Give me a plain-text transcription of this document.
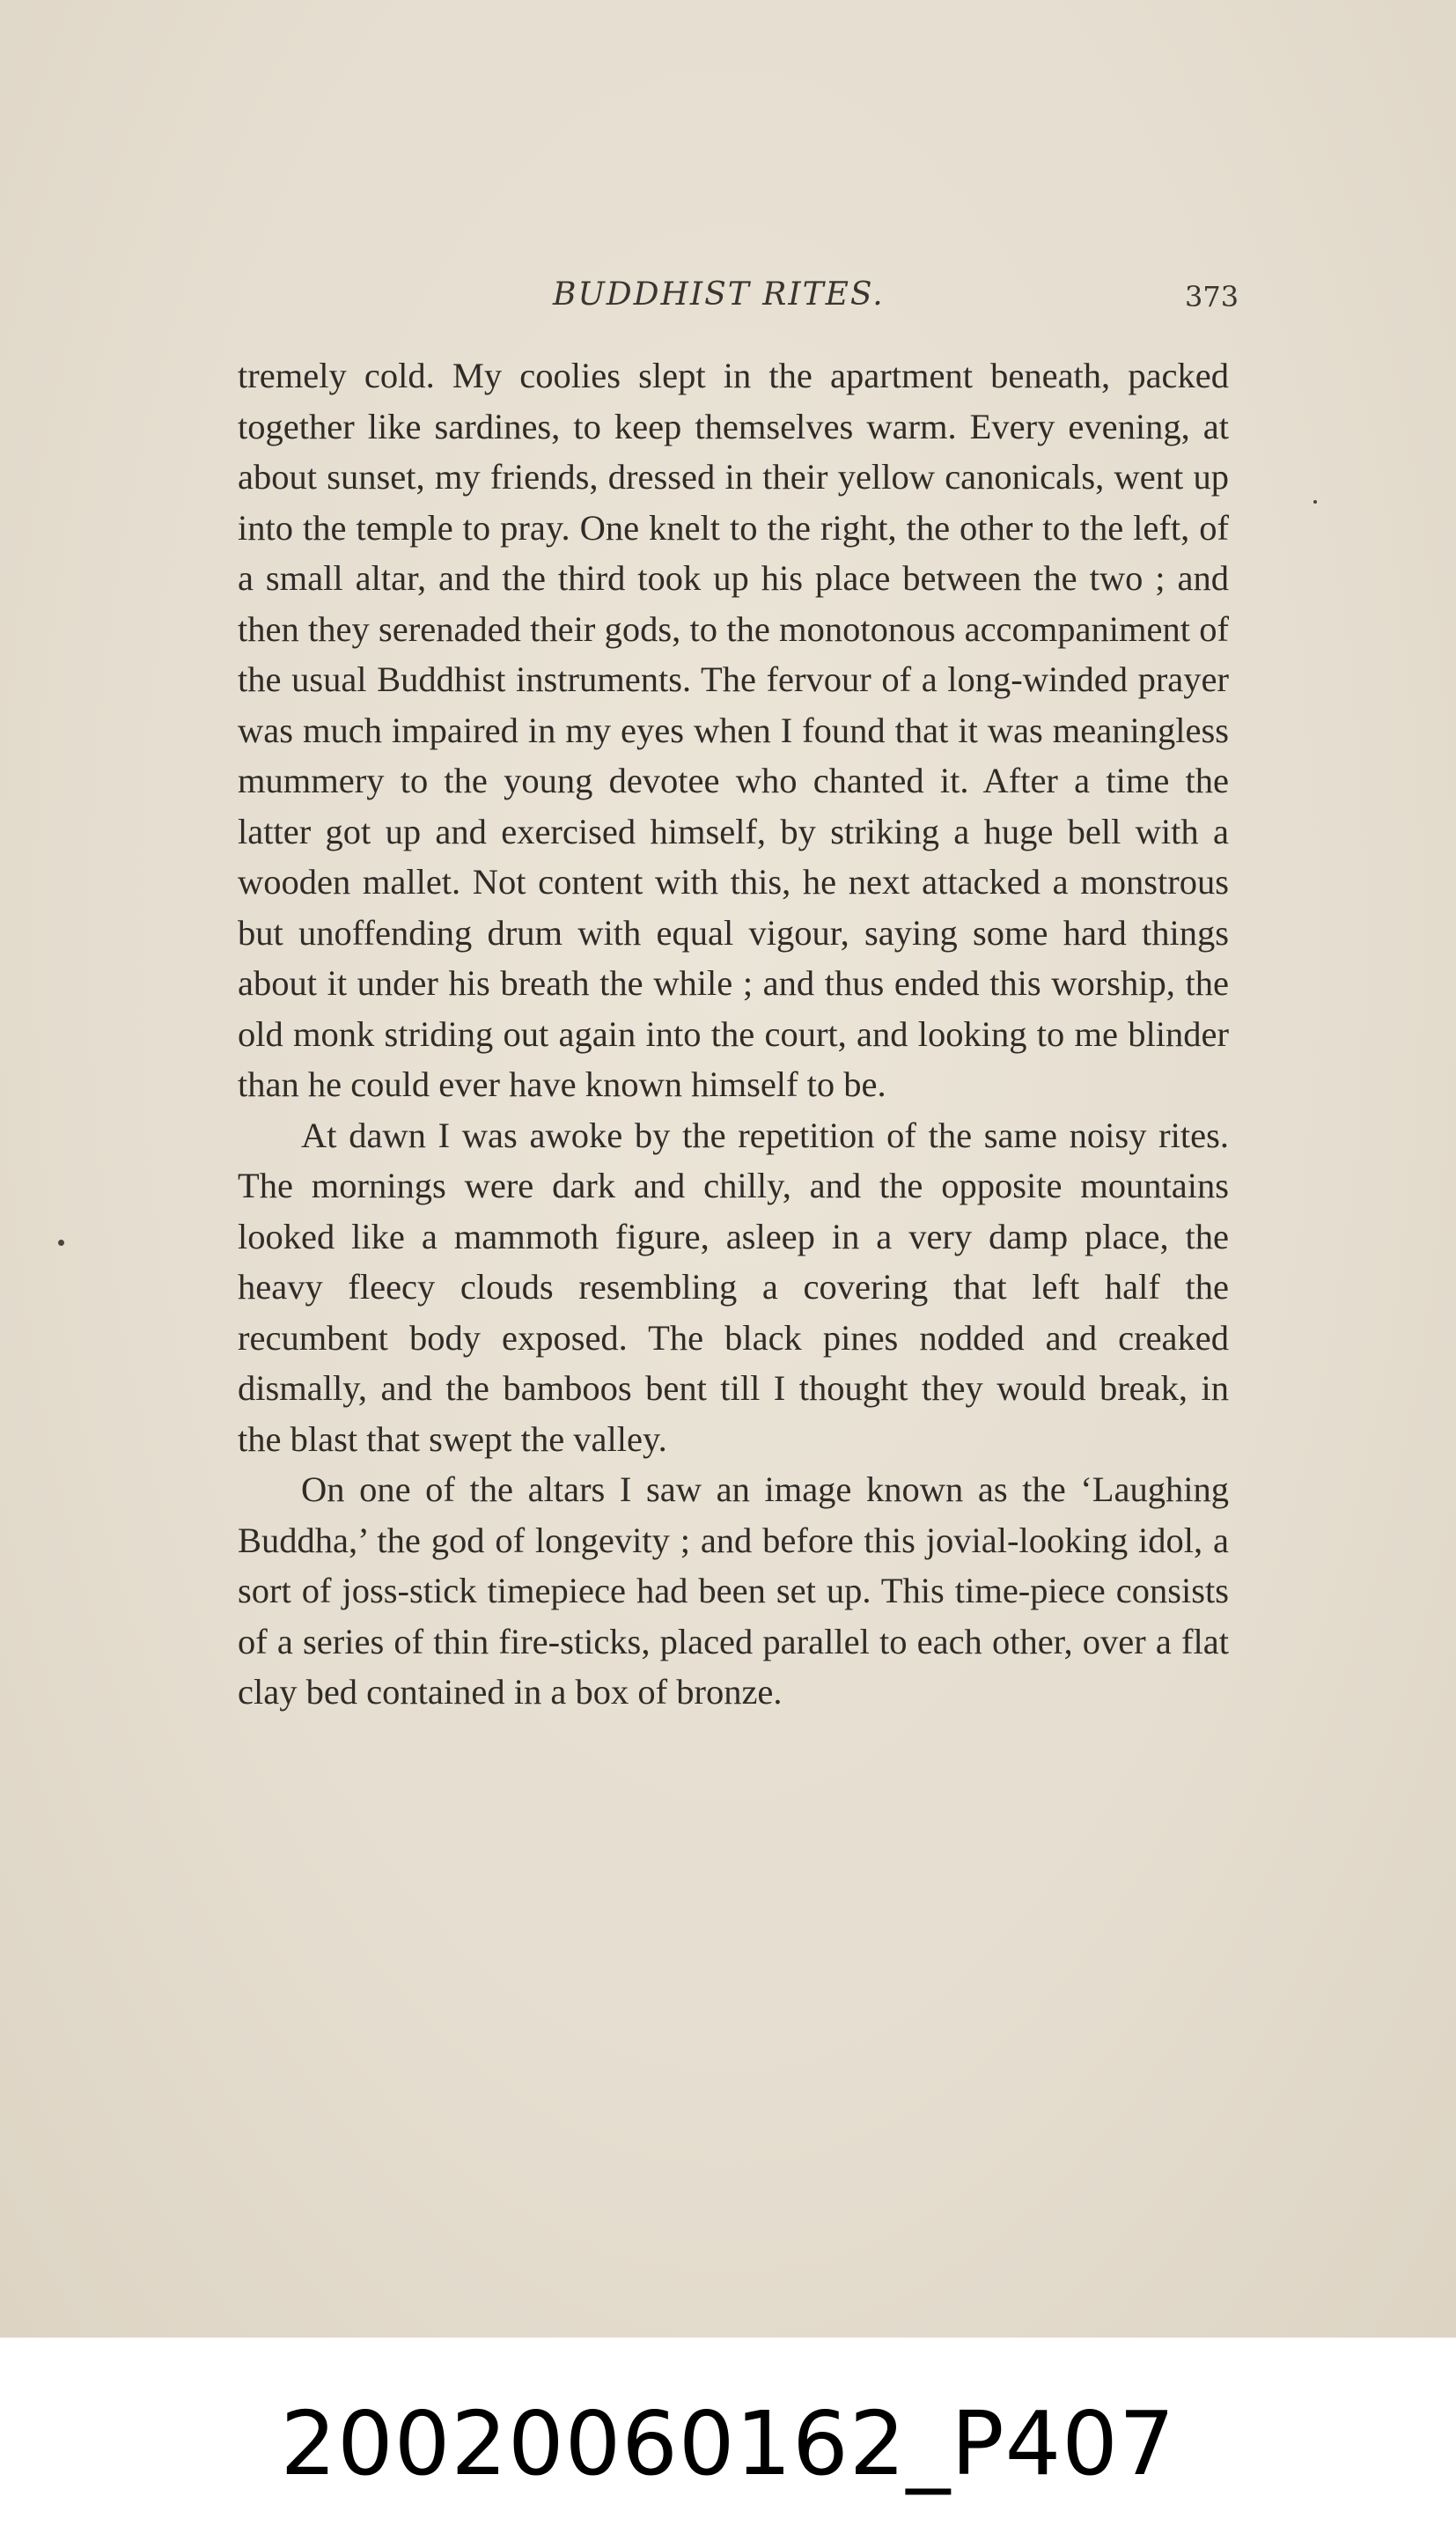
BUDDHIST RITES.	373

tremely cold. My coolies slept in the apartment beneath, packed together like sardines, to keep themselves warm. Every evening, at about sunset, my friends, dressed in their yellow canonicals, went up into the temple to pray. One knelt to the right, the other to the left, of a small altar, and the third took up his place between the two ; and then they serenaded their gods, to the monotonous accompaniment of the usual Buddhist instruments. The fervour of a long-winded prayer was much impaired in my eyes when I found that it was meaningless mummery to the young devotee who chanted it. After a time the latter got up and exercised himself, by striking a huge bell with a wooden mallet. Not content with this, he next attacked a monstrous but unoffending drum with equal vigour, saying some hard things about it under his breath the while ; and thus ended this worship, the old monk striding out again into the court, and looking to me blinder than he could ever have known himself to be.

At dawn I was awoke by the repetition of the same noisy rites. The mornings were dark and chilly, and the opposite mountains looked like a mammoth figure, asleep in a very damp place, the heavy fleecy clouds resembling a covering that left half the recumbent body exposed. The black pines nodded and creaked dismally, and the bamboos bent till I thought they would break, in the blast that swept the valley.

On one of the altars I saw an image known as the ‘Laughing Buddha,’ the god of longevity ; and before this jovial-looking idol, a sort of joss-stick timepiece had been set up. This time-piece consists of a series of thin fire-sticks, placed parallel to each other, over a flat clay bed contained in a box of bronze.

20020060162_P407
